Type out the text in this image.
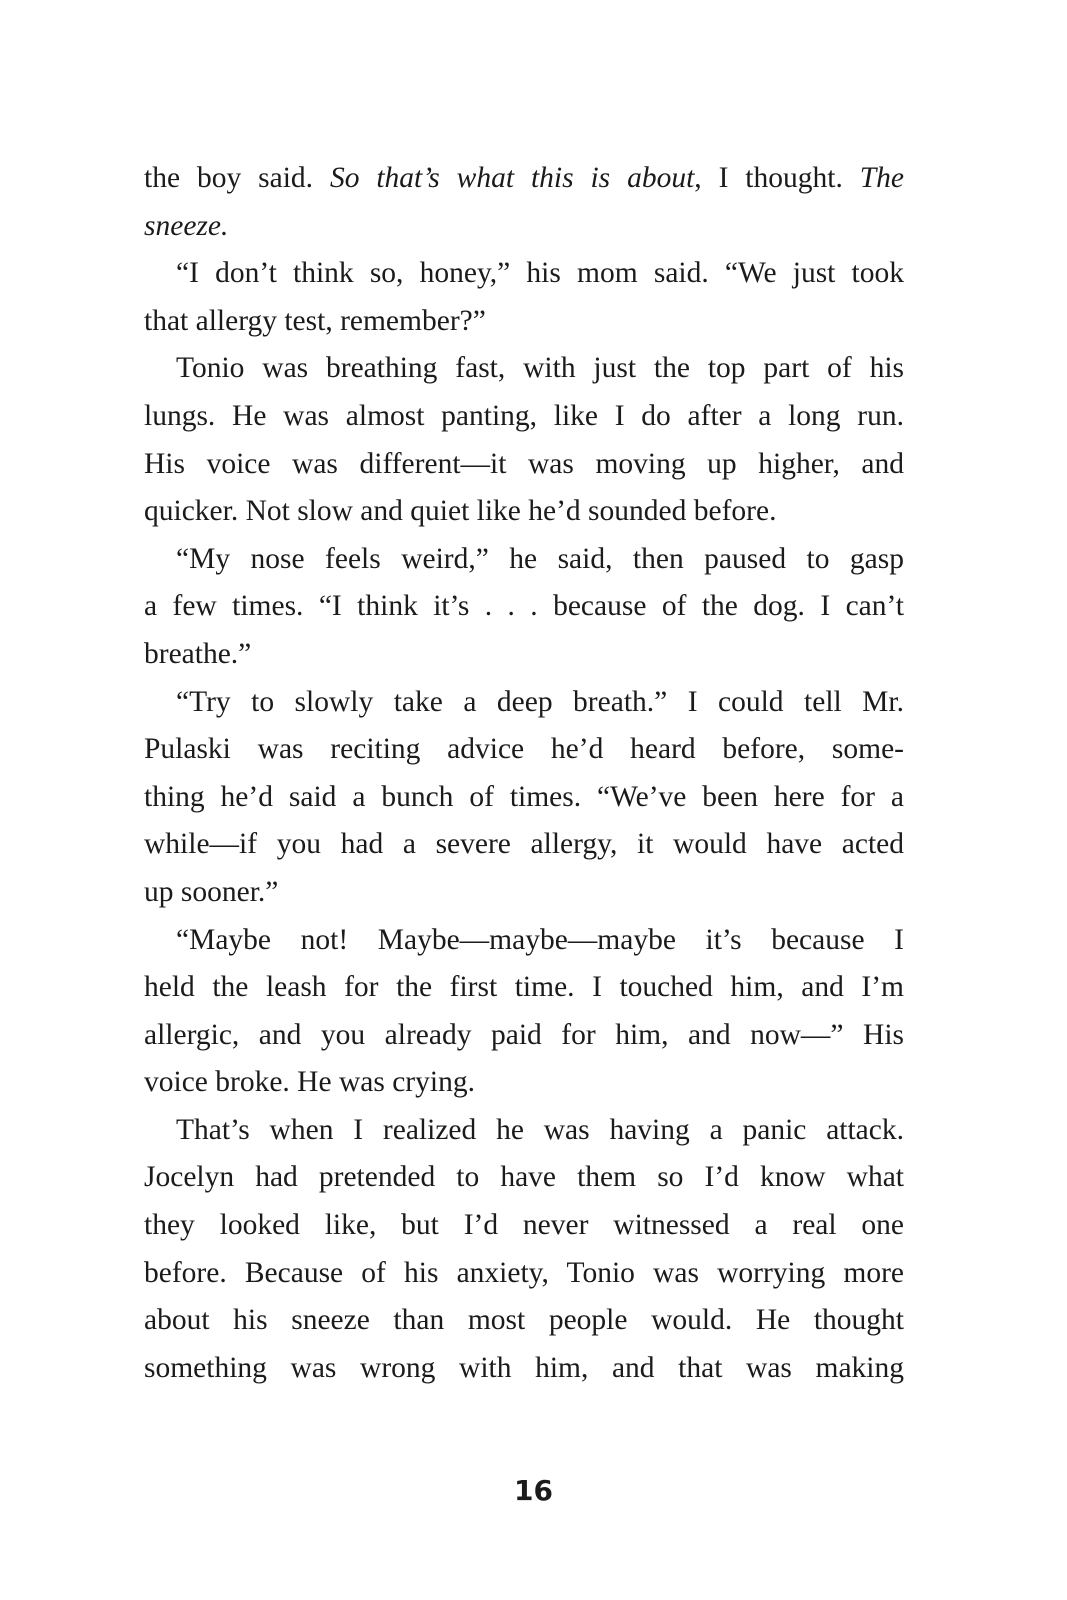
the boy said. So that’s what this is about, I thought. The
sneeze.
“I don’t think so, honey,” his mom said. “We just took
that allergy test, remember?”
Tonio was breathing fast, with just the top part of his
lungs. He was almost panting, like I do after a long run.
His voice was different—it was moving up higher, and
quicker. Not slow and quiet like he’d sounded before.
“My nose feels weird,” he said, then paused to gasp
a few times. “I think it’s . . . because of the dog. I can’t
breathe.”
“Try to slowly take a deep breath.” I could tell Mr.
Pulaski was reciting advice he’d heard before, some-
thing he’d said a bunch of times. “We’ve been here for a
while—if you had a severe allergy, it would have acted
up sooner.”
“Maybe not! Maybe—maybe—maybe it’s because I
held the leash for the first time. I touched him, and I’m
allergic, and you already paid for him, and now—” His
voice broke. He was crying.
That’s when I realized he was having a panic attack.
Jocelyn had pretended to have them so I’d know what
they looked like, but I’d never witnessed a real one
before. Because of his anxiety, Tonio was worrying more
about his sneeze than most people would. He thought
something was wrong with him, and that was making
16
